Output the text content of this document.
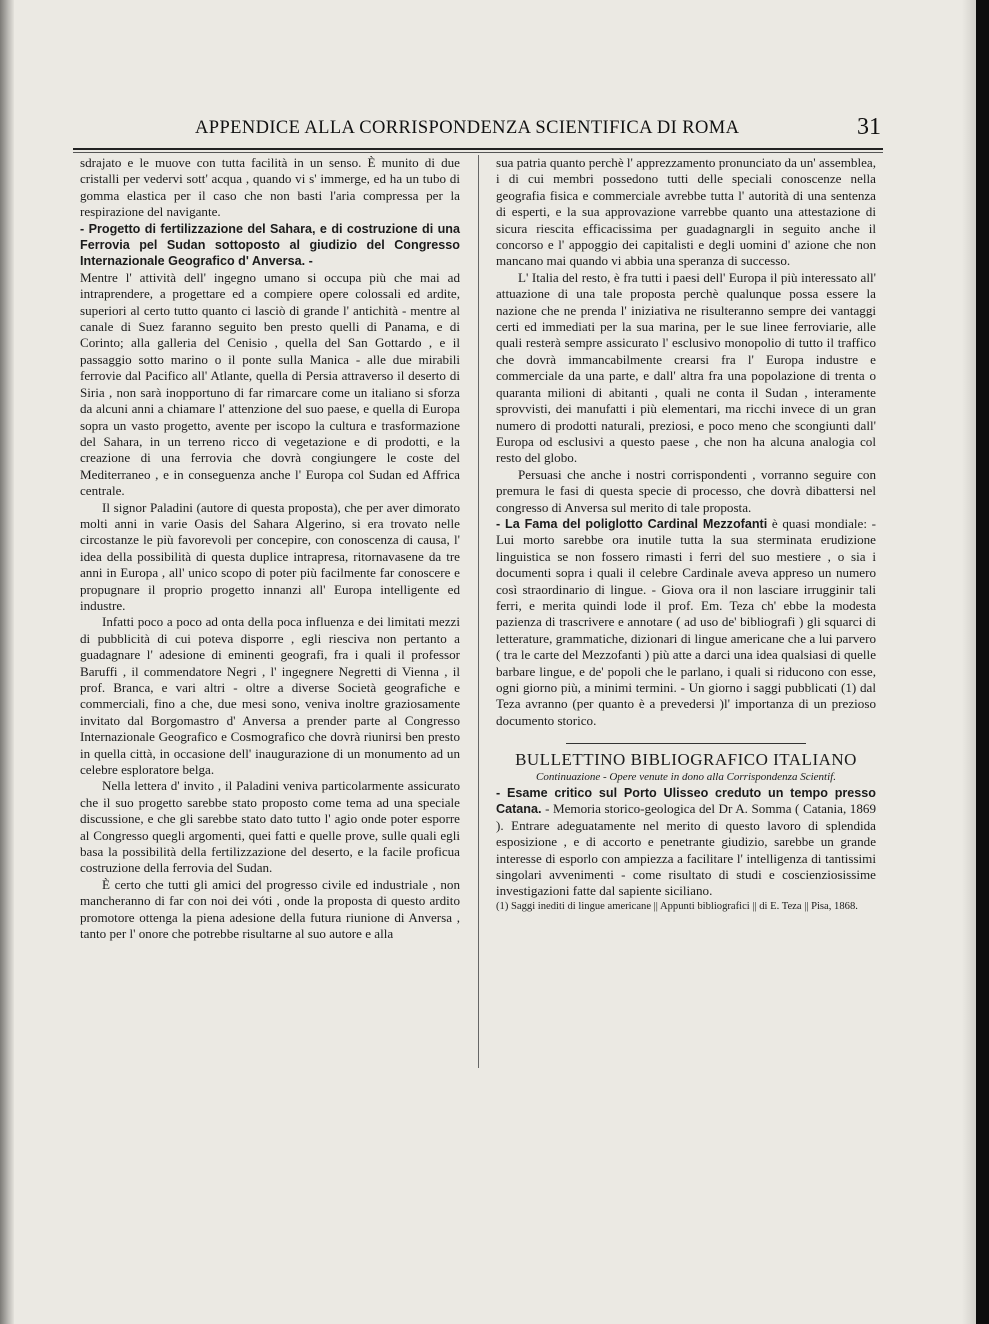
APPENDICE ALLA CORRISPONDENZA SCIENTIFICA DI ROMA	31

sdrajato e le muove con tutta facilità in un senso. È munito di due cristalli per vedervi sott' acqua , quando vi s' immerge, ed ha un tubo di gomma elastica per il caso che non basti l'aria compressa per la respirazione del navigante.

- Progetto di fertilizzazione del Sahara, e di costruzione di una Ferrovia pel Sudan sottoposto al giudizio del Congresso Internazionale Geografico d' Anversa. -

Mentre l' attività dell' ingegno umano si occupa più che mai ad intraprendere, a progettare ed a compiere opere colossali ed ardite, superiori al certo tutto quanto ci lasciò di grande l' antichità - mentre al canale di Suez faranno seguito ben presto quelli di Panama, e di Corinto; alla galleria del Cenisio , quella del San Gottardo , e il passaggio sotto marino o il ponte sulla Manica - alle due mirabili ferrovie dal Pacifico all' Atlante, quella di Persia attraverso il deserto di Siria , non sarà inopportuno di far rimarcare come un italiano si sforza da alcuni anni a chiamare l' attenzione del suo paese, e quella di Europa sopra un vasto progetto, avente per iscopo la cultura e trasformazione del Sahara, in un terreno ricco di vegetazione e di prodotti, e la creazione di una ferrovia che dovrà congiungere le coste del Mediterraneo , e in conseguenza anche l' Europa col Sudan ed Affrica centrale.

Il signor Paladini (autore di questa proposta), che per aver dimorato molti anni in varie Oasis del Sahara Algerino, si era trovato nelle circostanze le più favorevoli per concepire, con conoscenza di causa, l' idea della possibilità di questa duplice intrapresa, ritornavasene da tre anni in Europa , all' unico scopo di poter più facilmente far conoscere e propugnare il proprio progetto innanzi all' Europa intelligente ed industre.

Infatti poco a poco ad onta della poca influenza e dei limitati mezzi di pubblicità di cui poteva disporre , egli riesciva non pertanto a guadagnare l' adesione di eminenti geografi, fra i quali il professor Baruffi , il commendatore Negri , l' ingegnere Negretti di Vienna , il prof. Branca, e vari altri - oltre a diverse Società geografiche e commerciali, fino a che, due mesi sono, veniva inoltre graziosamente invitato dal Borgomastro d' Anversa a prender parte al Congresso Internazionale Geografico e Cosmografico che dovrà riunirsi ben presto in quella città, in occasione dell' inaugurazione di un monumento ad un celebre esploratore belga.

Nella lettera d' invito , il Paladini veniva particolarmente assicurato che il suo progetto sarebbe stato proposto come tema ad una speciale discussione, e che gli sarebbe stato dato tutto l' agio onde poter esporre al Congresso quegli argomenti, quei fatti e quelle prove, sulle quali egli basa la possibilità della fertilizzazione del deserto, e la facile proficua costruzione della ferrovia del Sudan.

È certo che tutti gli amici del progresso civile ed industriale , non mancheranno di far con noi dei vóti , onde la proposta di questo ardito promotore ottenga la piena adesione della futura riunione di Anversa , tanto per l' onore che potrebbe risultarne al suo autore e alla

sua patria quanto perchè l' apprezzamento pronunciato da un' assemblea, i di cui membri possedono tutti delle speciali conoscenze nella geografia fisica e commerciale avrebbe tutta l' autorità di una sentenza di esperti, e la sua approvazione varrebbe quanto una attestazione di sicura riescita efficacissima per guadagnargli in seguito anche il concorso e l' appoggio dei capitalisti e degli uomini d' azione che non mancano mai quando vi abbia una speranza di successo.

L' Italia del resto, è fra tutti i paesi dell' Europa il più interessato all' attuazione di una tale proposta perchè qualunque possa essere la nazione che ne prenda l' iniziativa ne risulteranno sempre dei vantaggi certi ed immediati per la sua marina, per le sue linee ferroviarie, alle quali resterà sempre assicurato l' esclusivo monopolio di tutto il traffico che dovrà immancabilmente crearsi fra l' Europa industre e commerciale da una parte, e dall' altra fra una popolazione di trenta o quaranta milioni di abitanti , quali ne conta il Sudan , interamente sprovvisti, dei manufatti i più elementari, ma ricchi invece di un gran numero di prodotti naturali, preziosi, e poco meno che scongiunti dall' Europa od esclusivi a questo paese , che non ha alcuna analogia col resto del globo.

Persuasi che anche i nostri corrispondenti , vorranno seguire con premura le fasi di questa specie di processo, che dovrà dibattersi nel congresso di Anversa sul merito di tale proposta.

- La Fama del poliglotto Cardinal Mezzofanti è quasi mondiale: - Lui morto sarebbe ora inutile tutta la sua sterminata erudizione linguistica se non fossero rimasti i ferri del suo mestiere , o sia i documenti sopra i quali il celebre Cardinale aveva appreso un numero così straordinario di lingue. - Giova ora il non lasciare irrugginir tali ferri, e merita quindi lode il prof. Em. Teza ch' ebbe la modesta pazienza di trascrivere e annotare ( ad uso de' bibliografi ) gli squarci di letterature, grammatiche, dizionari di lingue americane che a lui parvero ( tra le carte del Mezzofanti ) più atte a darci una idea qualsiasi di quelle barbare lingue, e de' popoli che le parlano, i quali si riducono con esse, ogni giorno più, a minimi termini. - Un giorno i saggi pubblicati (1) dal Teza avranno (per quanto è a prevedersi )l' importanza di un prezioso documento storico.

BULLETTINO BIBLIOGRAFICO ITALIANO

Continuazione - Opere venute in dono alla Corrispondenza Scientif.

- Esame critico sul Porto Ulisseo creduto un tempo presso Catana. - Memoria storico-geologica del Dr A. Somma ( Catania, 1869 ). Entrare adeguatamente nel merito di questo lavoro di splendida esposizione , e di accorto e penetrante giudizio, sarebbe un grande interesse di esporlo con ampiezza a facilitare l' intelligenza di tantissimi singolari avvenimenti - come risultato di studi e coscienziosissime investigazioni fatte dal sapiente siciliano.

(1) Saggi inediti di lingue americane || Appunti bibliografici || di E. Teza || Pisa, 1868.
